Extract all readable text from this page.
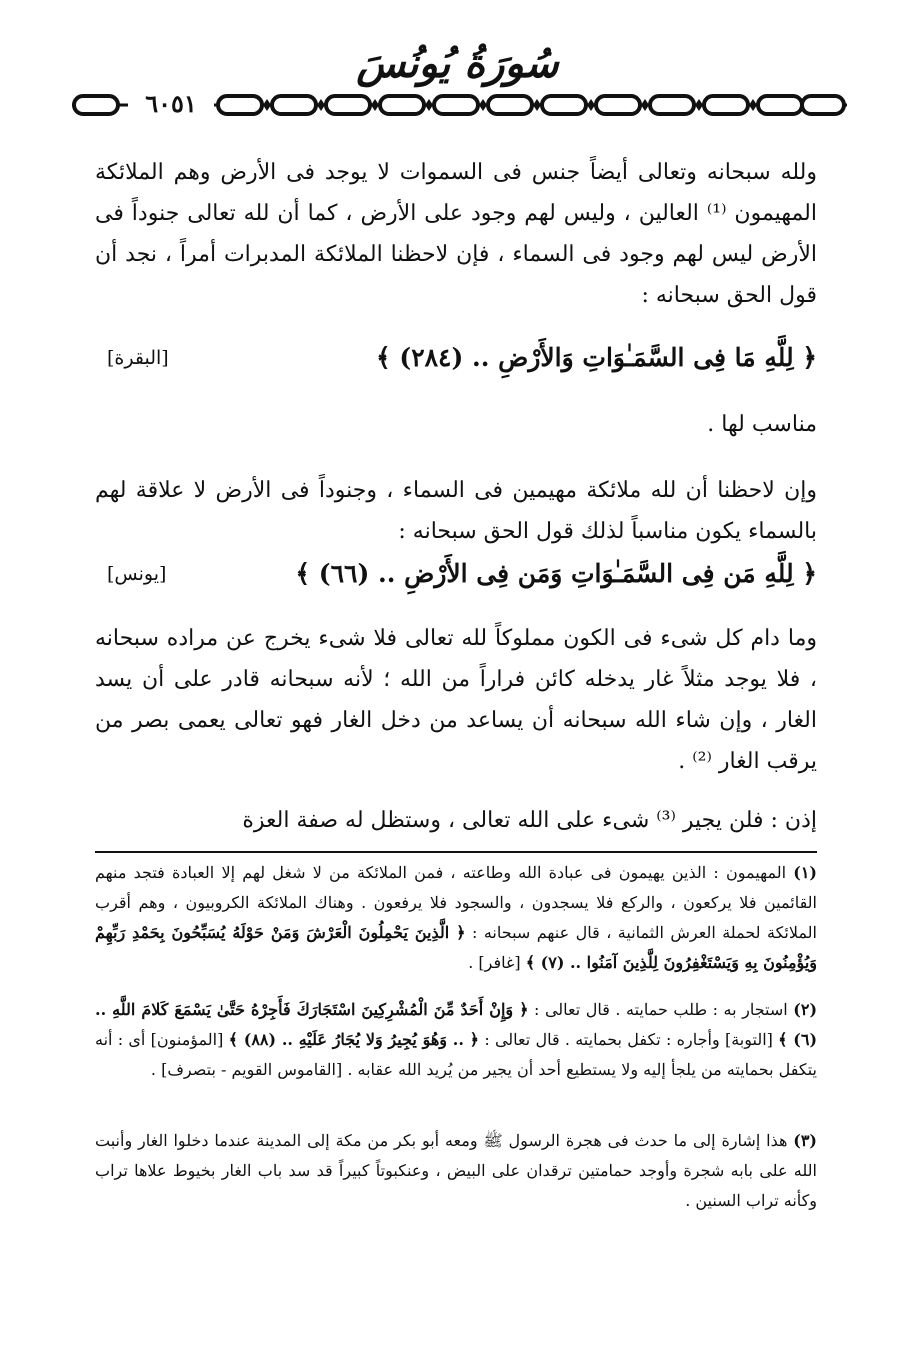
سُورَةُ يُونُسَ
٦٠٥١

ولله سبحانه وتعالى أيضاً جنس فى السموات لا يوجد فى الأرض وهم الملائكة المهيمون ⁽¹⁾ العالين ، وليس لهم وجود على الأرض ، كما أن لله تعالى جنوداً فى الأرض ليس لهم وجود فى السماء ، فإن لاحظنا الملائكة المدبرات أمراً ، نجد أن قول الحق سبحانه :

﴿ لِلَّهِ مَا فِى السَّمَـٰوَاتِ وَالأَرْضِ .. (٢٨٤) ﴾
[البقرة]
مناسب لها .

وإن لاحظنا أن لله ملائكة مهيمين فى السماء ، وجنوداً فى الأرض لا علاقة لهم بالسماء يكون مناسباً لذلك قول الحق سبحانه :

﴿ لِلَّهِ مَن فِى السَّمَـٰوَاتِ وَمَن فِى الأَرْضِ .. (٦٦) ﴾
[يونس]

وما دام كل شىء فى الكون مملوكاً لله تعالى فلا شىء يخرج عن مراده سبحانه ، فلا يوجد مثلاً غار يدخله كائن فراراً من الله ؛ لأنه سبحانه قادر على أن يسد الغار ، وإن شاء الله سبحانه أن يساعد من دخل الغار فهو تعالى يعمى بصر من يرقب الغار ⁽²⁾ .

إذن : فلن يجير ⁽³⁾ شىء على الله تعالى ، وستظل له صفة العزة

(١) المهيمون : الذين يهيمون فى عبادة الله وطاعته ، فمن الملائكة من لا شغل لهم إلا العبادة فتجد منهم القائمين فلا يركعون ، والركع فلا يسجدون ، والسجود فلا يرفعون . وهناك الملائكة الكروبيون ، وهم أقرب الملائكة لحملة العرش الثمانية ، قال عنهم سبحانه : ﴿ الَّذِينَ يَحْمِلُونَ الْعَرْشَ وَمَنْ حَوْلَهُ يُسَبِّحُونَ بِحَمْدِ رَبِّهِمْ وَيُؤْمِنُونَ بِهِ وَيَسْتَغْفِرُونَ لِلَّذِينَ آمَنُوا .. (٧) ﴾ [غافر] .

(٢) استجار به : طلب حمايته . قال تعالى : ﴿ وَإِنْ أَحَدٌ مِّنَ الْمُشْرِكِينَ اسْتَجَارَكَ فَأَجِرْهُ حَتَّىٰ يَسْمَعَ كَلامَ اللَّهِ .. (٦) ﴾ [التوبة] وأجاره : تكفل بحمايته . قال تعالى : ﴿ .. وَهُوَ يُجِيرُ وَلا يُجَارُ عَلَيْهِ .. (٨٨) ﴾ [المؤمنون] أى : أنه يتكفل بحمايته من يلجأ إليه ولا يستطيع أحد أن يجير من يُريد الله عقابه . [القاموس القويم - بتصرف] .

(٣) هذا إشارة إلى ما حدث فى هجرة الرسول ﷺ ومعه أبو بكر من مكة إلى المدينة عندما دخلوا الغار وأنبت الله على بابه شجرة وأوجد حمامتين ترقدان على البيض ، وعنكبوتاً كبيراً قد سد باب الغار بخيوط علاها تراب وكأنه تراب السنين .
